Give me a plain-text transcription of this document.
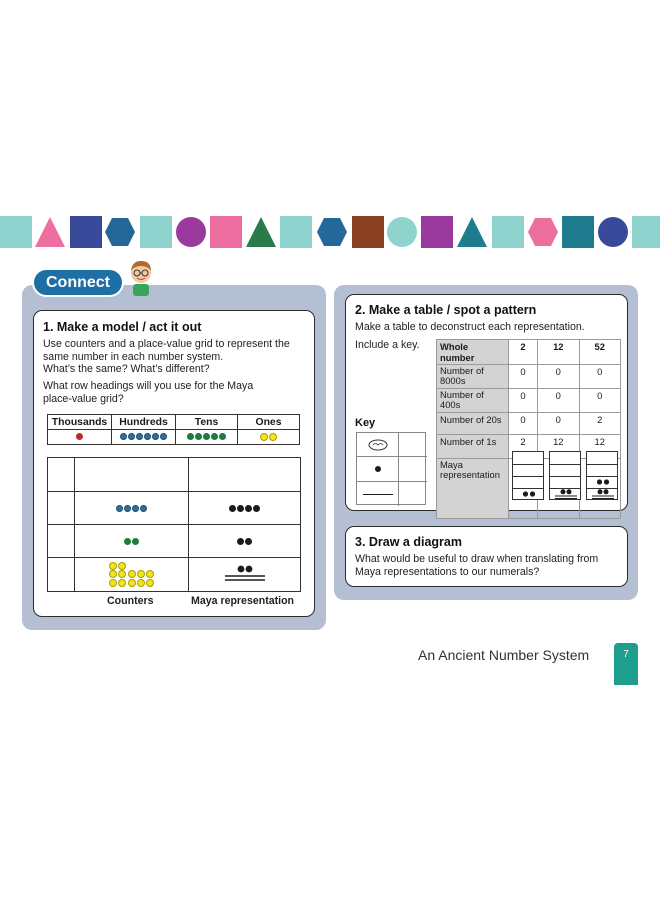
Connect
1. Make a model / act it out
Use counters and a place-value grid to represent the
same number in each number system.
What’s the same? What’s different?
What row headings will you use for the Maya
place-value grid?
Thousands	Hundreds	Tens	Ones

Counters	Maya representation
2. Make a table / spot a pattern
Make a table to deconstruct each representation.
Include a key.
Key
Whole number	2	12	52

Number of
8000s	0	0	0

Number of
400s	0	0	0
Number of 20s	0	0	2
Number of 1s	2	12	12

Maya
representation			

3. Draw a diagram
What would be useful to draw when translating from
Maya representations to our numerals?
An Ancient Number System	7
